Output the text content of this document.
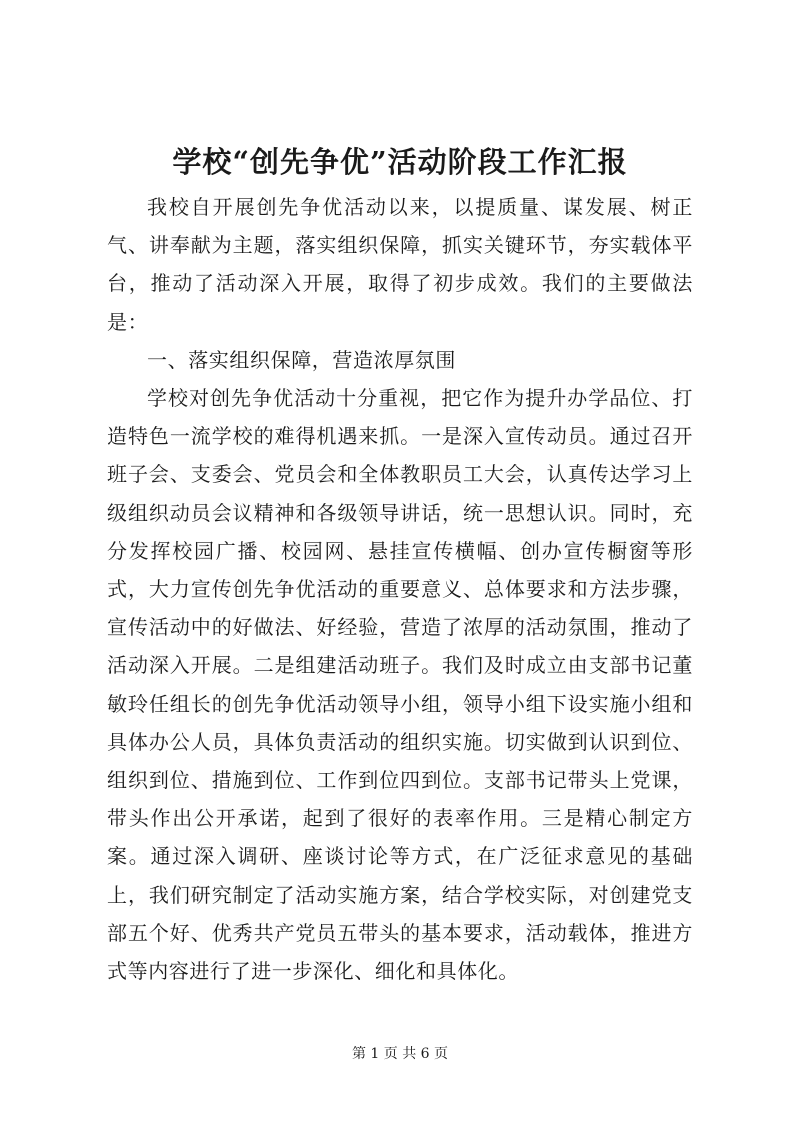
学校“创先争优”活动阶段工作汇报

我校自开展创先争优活动以来，以提质量、谋发展、树正气、讲奉献为主题，落实组织保障，抓实关键环节，夯实载体平台，推动了活动深入开展，取得了初步成效。我们的主要做法是：

一、落实组织保障，营造浓厚氛围

学校对创先争优活动十分重视，把它作为提升办学品位、打造特色一流学校的难得机遇来抓。一是深入宣传动员。通过召开班子会、支委会、党员会和全体教职员工大会，认真传达学习上级组织动员会议精神和各级领导讲话，统一思想认识。同时，充分发挥校园广播、校园网、悬挂宣传横幅、创办宣传橱窗等形式，大力宣传创先争优活动的重要意义、总体要求和方法步骤，宣传活动中的好做法、好经验，营造了浓厚的活动氛围，推动了活动深入开展。二是组建活动班子。我们及时成立由支部书记董敏玲任组长的创先争优活动领导小组，领导小组下设实施小组和具体办公人员，具体负责活动的组织实施。切实做到认识到位、组织到位、措施到位、工作到位四到位。支部书记带头上党课，带头作出公开承诺，起到了很好的表率作用。三是精心制定方案。通过深入调研、座谈讨论等方式，在广泛征求意见的基础上，我们研究制定了活动实施方案，结合学校实际，对创建党支部五个好、优秀共产党员五带头的基本要求，活动载体，推进方式等内容进行了进一步深化、细化和具体化。

第 1 页 共 6 页
